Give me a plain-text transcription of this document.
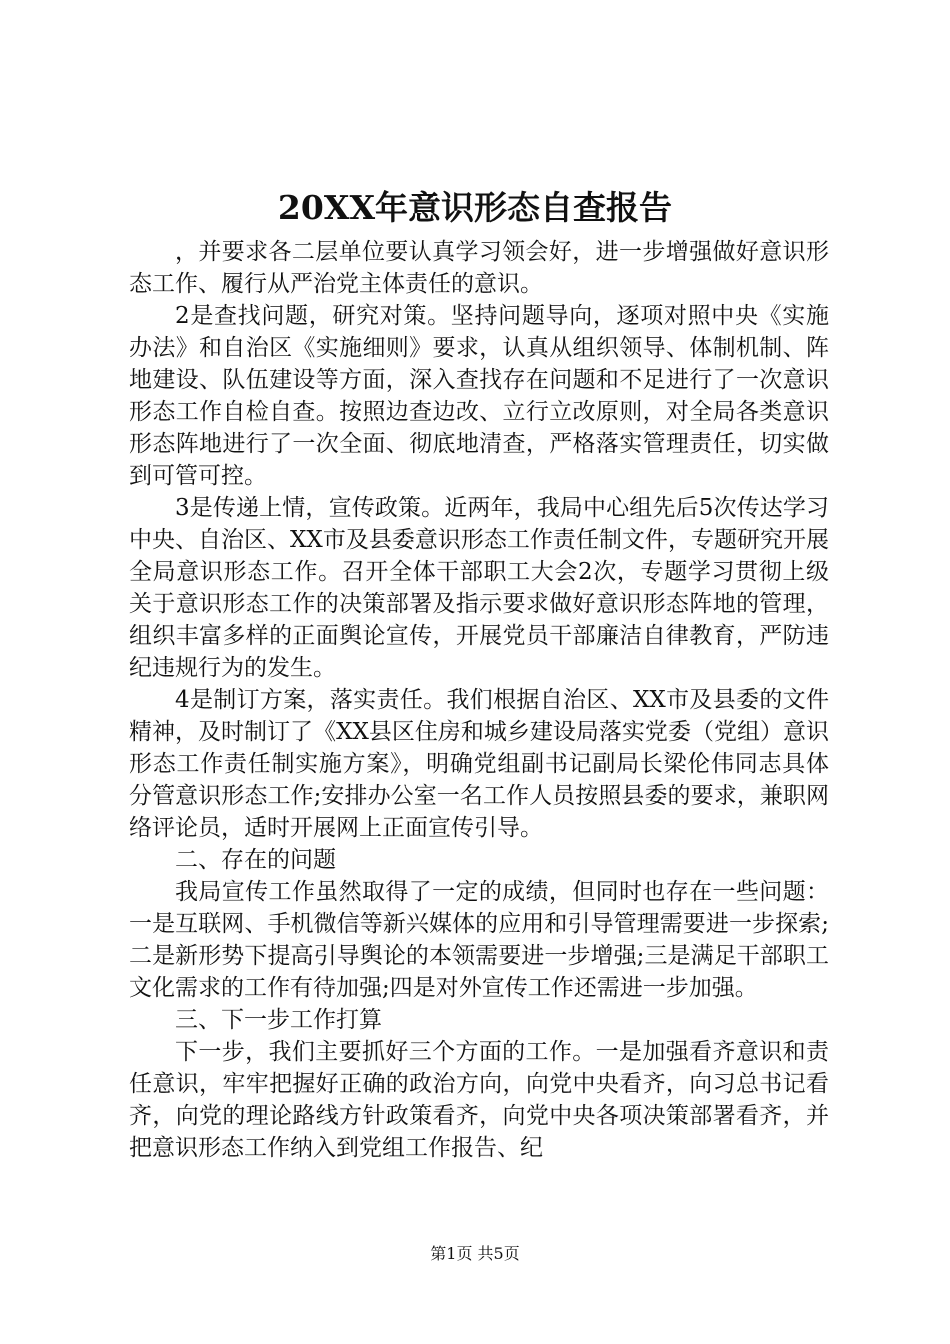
20XX年意识形态自查报告

，并要求各二层单位要认真学习领会好，进一步增强做好意识形态工作、履行从严治党主体责任的意识。

2是查找问题，研究对策。坚持问题导向，逐项对照中央《实施办法》和自治区《实施细则》要求，认真从组织领导、体制机制、阵地建设、队伍建设等方面，深入查找存在问题和不足进行了一次意识形态工作自检自查。按照边查边改、立行立改原则，对全局各类意识形态阵地进行了一次全面、彻底地清查，严格落实管理责任，切实做到可管可控。

3是传递上情，宣传政策。近两年，我局中心组先后5次传达学习中央、自治区、XX市及县委意识形态工作责任制文件，专题研究开展全局意识形态工作。召开全体干部职工大会2次，专题学习贯彻上级关于意识形态工作的决策部署及指示要求做好意识形态阵地的管理，组织丰富多样的正面舆论宣传，开展党员干部廉洁自律教育，严防违纪违规行为的发生。

4是制订方案，落实责任。我们根据自治区、XX市及县委的文件精神，及时制订了《XX县区住房和城乡建设局落实党委（党组）意识形态工作责任制实施方案》，明确党组副书记副局长梁伦伟同志具体分管意识形态工作;安排办公室一名工作人员按照县委的要求，兼职网络评论员，适时开展网上正面宣传引导。

二、存在的问题

我局宣传工作虽然取得了一定的成绩，但同时也存在一些问题：一是互联网、手机微信等新兴媒体的应用和引导管理需要进一步探索;二是新形势下提高引导舆论的本领需要进一步增强;三是满足干部职工文化需求的工作有待加强;四是对外宣传工作还需进一步加强。

三、下一步工作打算

下一步，我们主要抓好三个方面的工作。一是加强看齐意识和责任意识，牢牢把握好正确的政治方向，向党中央看齐，向习总书记看齐，向党的理论路线方针政策看齐，向党中央各项决策部署看齐，并把意识形态工作纳入到党组工作报告、纪

第1页 共5页
